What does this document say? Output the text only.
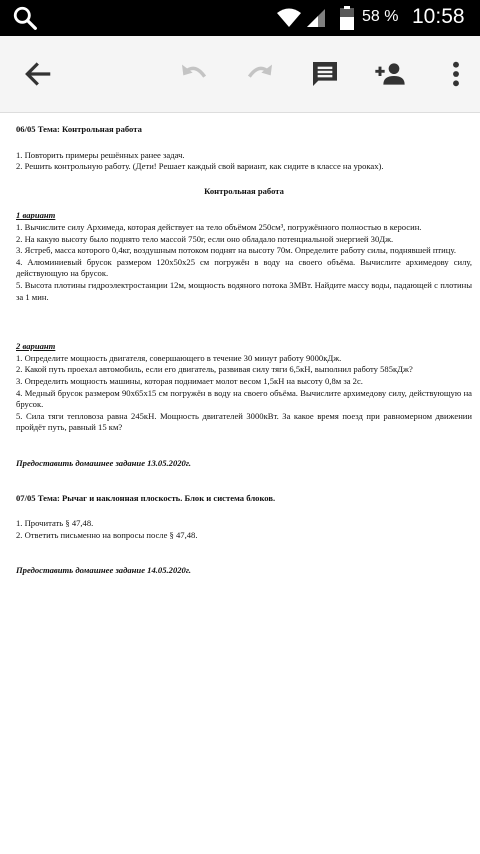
58 % 10:58

06/05 Тема: Контрольная работа

1. Повторить примеры решённых ранее задач.

2. Решить контрольную работу. (Дети! Решает каждый свой вариант, как сидите в классе на уроках).

Контрольная работа

1 вариант

1. Вычислите силу Архимеда, которая действует на тело объёмом 250см³, погружённого полностью в керосин.

2. На какую высоту было поднято тело массой 750г, если оно обладало потенциальной энергией 30Дж.

3. Ястреб, масса которого 0,4кг, воздушным потоком поднят на высоту 70м. Определите работу силы, поднявшей птицу.

4. Алюминиевый брусок размером 120х50х25 см погружён в воду на своего объёма. Вычислите архимедову силу, действующую на брусок.

5. Высота плотины гидроэлектростанции 12м, мощность водяного потока 3МВт. Найдите массу воды, падающей с плотины за 1 мин.

2 вариант

1. Определите мощность двигателя, совершающего в течение 30 минут работу 9000кДж.

2. Какой путь проехал автомобиль, если его двигатель, развивая силу тяги 6,5кН, выполнил работу 585кДж?

3. Определить мощность машины, которая поднимает молот весом 1,5кН на высоту 0,8м за 2с.

4. Медный брусок размером 90х65х15 см погружён в воду на своего объёма. Вычислите архимедову силу, действующую на брусок.

5. Сила тяги тепловоза равна 245кН. Мощность двигателей 3000кВт. За какое время поезд при равномерном движении пройдёт путь, равный 15 км?

Предоставить домашнее задание 13.05.2020г.

07/05 Тема: Рычаг и наклонная плоскость. Блок и система блоков.

1. Прочитать § 47,48.

2. Ответить письменно на вопросы после § 47,48.

Предоставить домашнее задание 14.05.2020г.
